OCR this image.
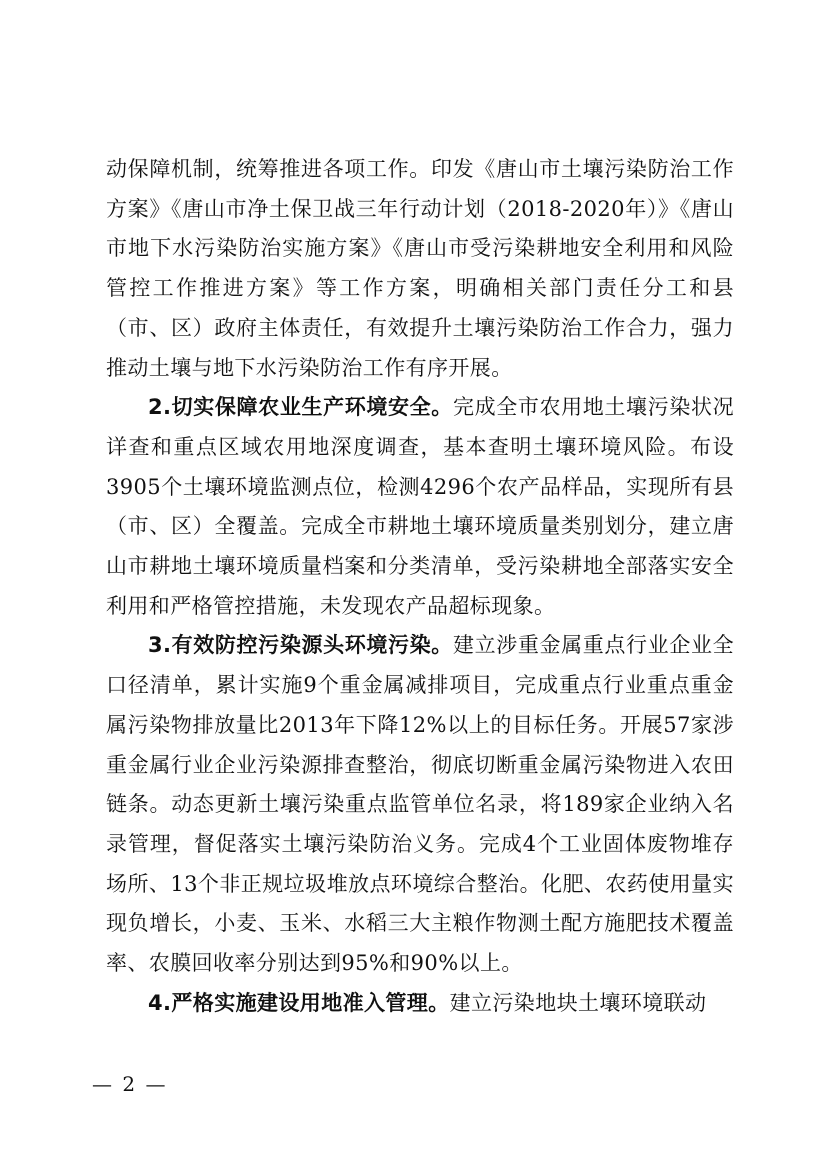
动保障机制，统筹推进各项工作。印发《唐山市土壤污染防治工作方案》《唐山市净土保卫战三年行动计划（2018-2020年）》《唐山市地下水污染防治实施方案》《唐山市受污染耕地安全利用和风险管控工作推进方案》等工作方案，明确相关部门责任分工和县（市、区）政府主体责任，有效提升土壤污染防治工作合力，强力推动土壤与地下水污染防治工作有序开展。

2.切实保障农业生产环境安全。完成全市农用地土壤污染状况详查和重点区域农用地深度调查，基本查明土壤环境风险。布设3905个土壤环境监测点位，检测4296个农产品样品，实现所有县（市、区）全覆盖。完成全市耕地土壤环境质量类别划分，建立唐山市耕地土壤环境质量档案和分类清单，受污染耕地全部落实安全利用和严格管控措施，未发现农产品超标现象。

3.有效防控污染源头环境污染。建立涉重金属重点行业企业全口径清单，累计实施9个重金属减排项目，完成重点行业重点重金属污染物排放量比2013年下降12%以上的目标任务。开展57家涉重金属行业企业污染源排查整治，彻底切断重金属污染物进入农田链条。动态更新土壤污染重点监管单位名录，将189家企业纳入名录管理，督促落实土壤污染防治义务。完成4个工业固体废物堆存场所、13个非正规垃圾堆放点环境综合整治。化肥、农药使用量实现负增长，小麦、玉米、水稻三大主粮作物测土配方施肥技术覆盖率、农膜回收率分别达到95%和90%以上。

4.严格实施建设用地准入管理。建立污染地块土壤环境联动

— 2 —
